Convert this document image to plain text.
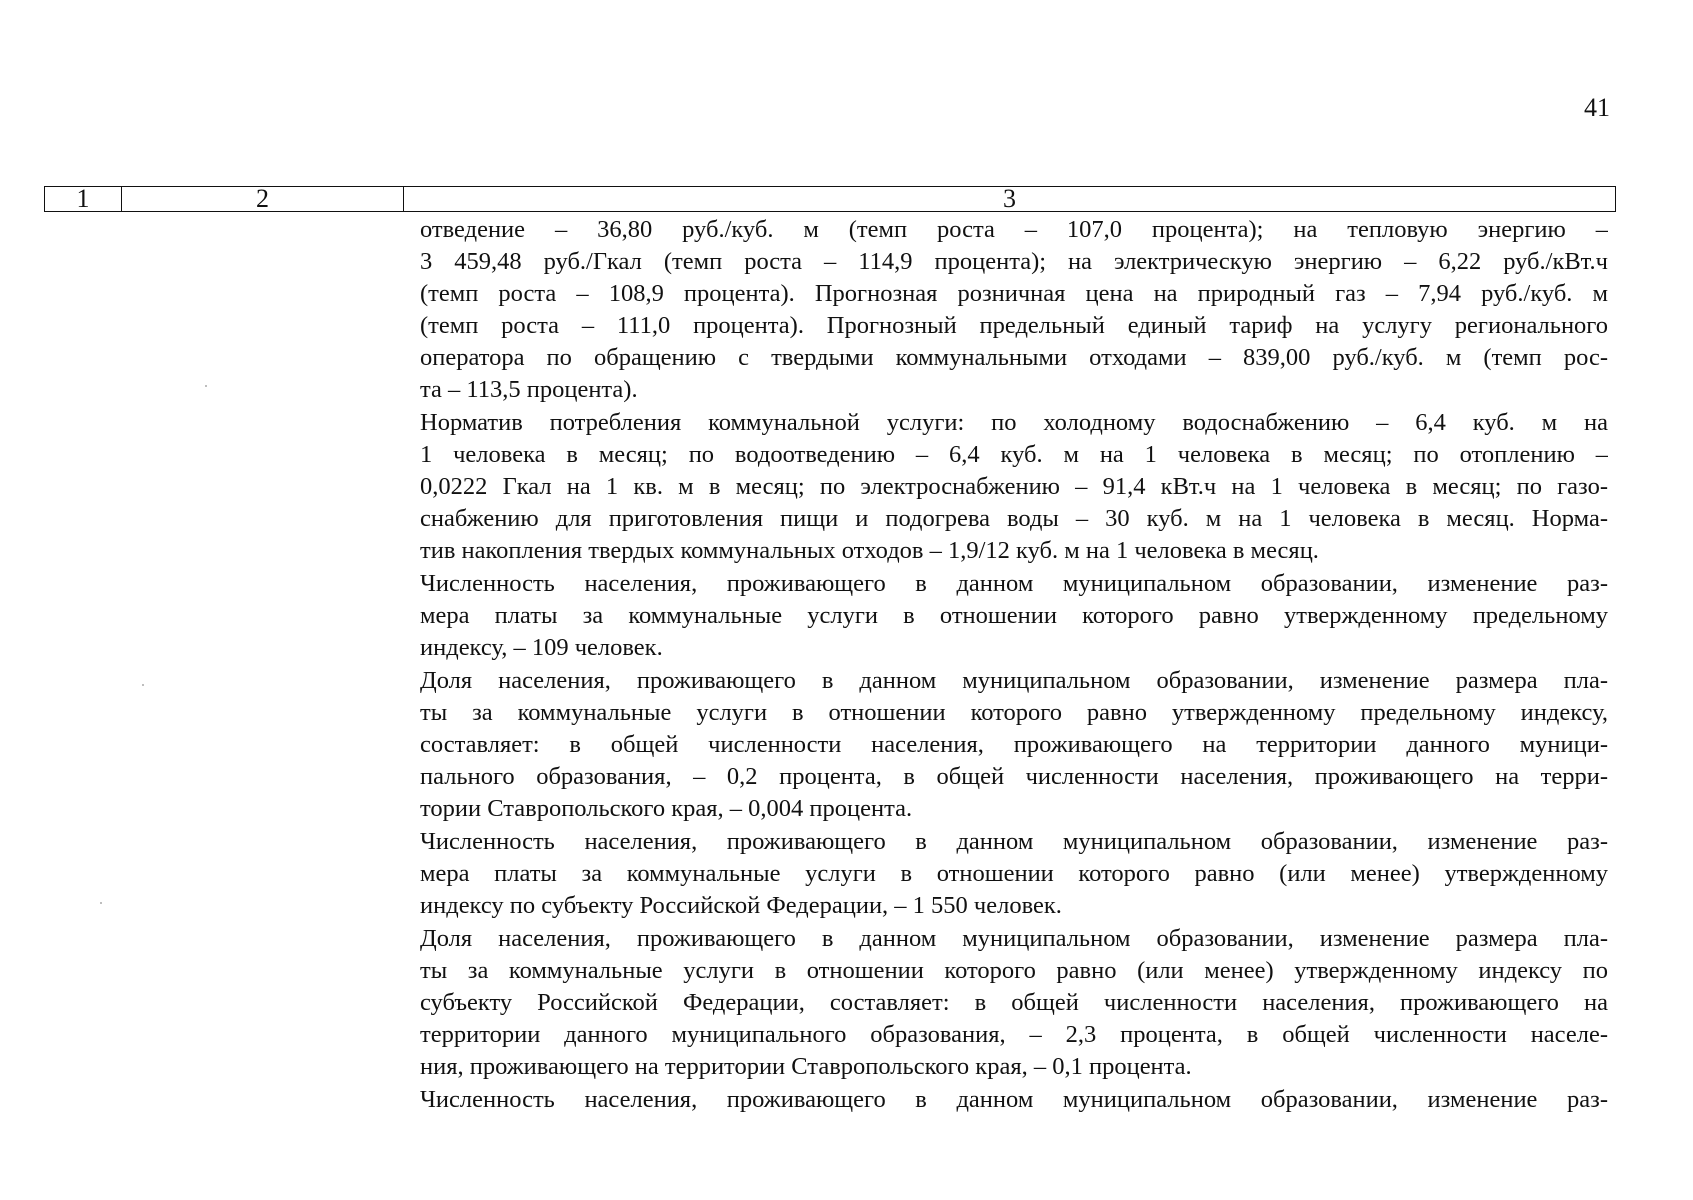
41
1	2	3

отведение – 36,80 руб./куб. м (темп роста – 107,0 процента); на тепловую энергию –
3 459,48 руб./Гкал (темп роста – 114,9 процента); на электрическую энергию – 6,22 руб./кВт.ч
(темп роста – 108,9 процента). Прогнозная розничная цена на природный газ – 7,94 руб./куб. м
(темп роста – 111,0 процента). Прогнозный предельный единый тариф на услугу регионального
оператора по обращению с твердыми коммунальными отходами – 839,00 руб./куб. м (темп рос-
та – 113,5 процента).

Норматив потребления коммунальной услуги: по холодному водоснабжению – 6,4 куб. м на
1 человека в месяц; по водоотведению – 6,4 куб. м на 1 человека в месяц; по отоплению –
0,0222 Гкал на 1 кв. м в месяц; по электроснабжению – 91,4 кВт.ч на 1 человека в месяц; по газо-
снабжению для приготовления пищи и подогрева воды – 30 куб. м на 1 человека в месяц. Норма-
тив накопления твердых коммунальных отходов – 1,9/12 куб. м на 1 человека в месяц.

Численность населения, проживающего в данном муниципальном образовании, изменение раз-
мера платы за коммунальные услуги в отношении которого равно утвержденному предельному
индексу, – 109 человек.

Доля населения, проживающего в данном муниципальном образовании, изменение размера пла-
ты за коммунальные услуги в отношении которого равно утвержденному предельному индексу,
составляет: в общей численности населения, проживающего на территории данного муници-
пального образования, – 0,2 процента, в общей численности населения, проживающего на терри-
тории Ставропольского края, – 0,004 процента.

Численность населения, проживающего в данном муниципальном образовании, изменение раз-
мера платы за коммунальные услуги в отношении которого равно (или менее) утвержденному
индексу по субъекту Российской Федерации, – 1 550 человек.

Доля населения, проживающего в данном муниципальном образовании, изменение размера пла-
ты за коммунальные услуги в отношении которого равно (или менее) утвержденному индексу по
субъекту Российской Федерации, составляет: в общей численности населения, проживающего на
территории данного муниципального образования, – 2,3 процента, в общей численности населе-
ния, проживающего на территории Ставропольского края, – 0,1 процента.

Численность населения, проживающего в данном муниципальном образовании, изменение раз-
